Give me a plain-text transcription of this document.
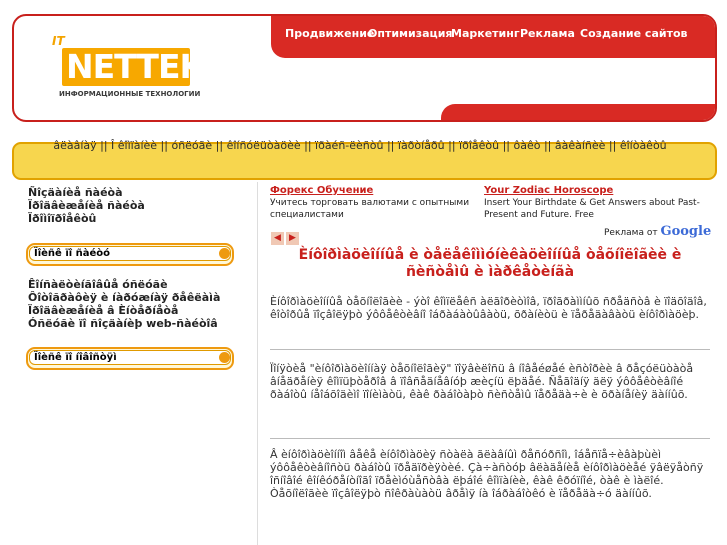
IT
NETTEK
ИНФОРМАЦИОННЫЕ ТЕХНОЛОГИИ
Продвижение
Оптимизация
Маркетинг Реклама Создание сайтов
ÊÀÐÒÀ ÑÀÉÒÀ
âëàâíàÿ || Î êîìïàíèè || óñëóãè || êîíñóëüòàöèè || ïðàéñ-ëèñòû || ïàðòíåðû || ïðîåêòû || ôàêò || âàêàíñèè || êîíòàêòû
Ñîçäàíèå ñàéòà
Ïðîäâèæåíèå ñàéòà
Ïðîìîïðîåêòû
Ïîèñê ïî ñàéòó
Êîíñàëòèíãîâûå óñëóãè
Ôîòîãðàôèÿ è íàðóæíàÿ ðåêëàìà
Ïðîäâèæåíèå â Èíòåðíåòå
Óñëóãè ïî ñîçäàíèþ web-ñàéòîâ
Ïîèñê ïî íîâîñòÿì
Форекс Обучение
Учитесь торговать валютами с опытными специалистами
Your Zodiac Horoscope
Insert Your Birthdate & Get Answers about Past-Present and Future. Free
Реклама от Google
◀ ▶
Èíôîðìàöèîííûå è òåëåêîììóíèêàöèîííûå òåõíîëîãèè è ñèñòåìû è ìàðêåòèíãà
Èíôîðìàöèîííûå òåõíîëîãèè - ýòî êîìïëåêñ àëãîðèòìîâ, ïðîãðàììíûõ ñðåäñòâ è ïîäõîäîâ, êîòîðûå ïîçâîëÿþò ýôôåêòèâíî îáðàáàòûâàòü, õðàíèòü è ïåðåäàâàòü èíôîðìàöèþ.
Ïîíÿòèå "èíôîðìàöèîííàÿ òåõíîëîãèÿ" ïîÿâèëîñü â íîâåéøåé èñòîðèè â ðåçóëüòàòå âíåäðåíèÿ êîìïüþòåðîâ â ïîâñåäíåâíóþ æèçíü ëþäåé. Ñåãîäíÿ äëÿ ýôôåêòèâíîé ðàáîòû íåîáõîäèìî ïîíèìàòü, êàê ðàáîòàþò ñèñòåìû ïåðåäà÷è è õðàíåíèÿ äàííûõ.
Â èíôîðìàöèîííîì âåêå èíôîðìàöèÿ ñòàëà ãëàâíûì ðåñóðñîì, îáåñïå÷èâàþùèì ýôôåêòèâíîñòü ðàáîòû ïðåäïðèÿòèé. Çà÷àñòóþ âëàäåíèå èíôîðìàöèåé ÿâëÿåòñÿ îñíîâîé êîíêóðåíòíîãî ïðåèìóùåñòâà ëþáîé êîìïàíèè, êàê êðóïíîé, òàê è ìàëîé. Òåõíîëîãèè ïîçâîëÿþò ñîêðàùàòü âðåìÿ íà îáðàáîòêó è ïåðåäà÷ó äàííûõ.
